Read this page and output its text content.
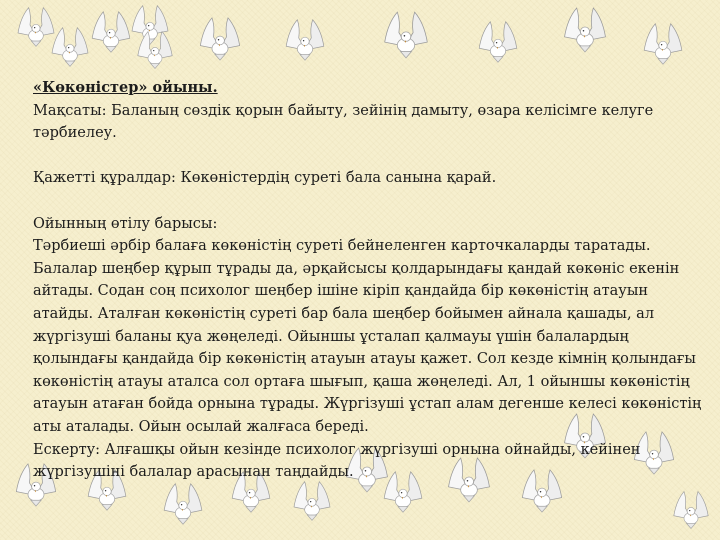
«Көкөністер» ойыны.

Мақсаты: Баланың сөздік қорын байыту, зейінің дамыту, өзара келісімге келуге тәрбиелеу.

Қажетті құралдар: Көкөністердің суреті бала санына қарай.

Ойынның өтілу барысы:

Тәрбиеші әрбір балаға көкөністің суреті бейнеленген карточкаларды таратады. Балалар шеңбер құрып тұрады да, әрқайсысы қолдарындағы қандай көкөніс екенін айтады. Содан соң психолог шеңбер ішіне кіріп қандайда бір көкөністің атауын атайды. Аталған көкөністің суреті бар бала шеңбер бойымен айнала қашады, ал жүргізуші баланы қуа жөңеледі. Ойыншы ұсталап қалмауы үшін балалардың қолындағы қандайда бір көкөністің атауын атауы қажет. Сол кезде кімнің қолындағы көкөністің атауы аталса сол ортаға шығып, қаша жөңеледі. Ал, 1 ойыншы көкөністің атауын атаған бойда орнына тұрады. Жүргізуші ұстап алам дегенше келесі көкөністің аты аталады. Ойын осылай жалғаса береді.

Ескерту: Алғашқы ойын кезінде психолог жүргізуші орнына ойнайды, кейінен жүргізушіні балалар арасынан таңдайды.
